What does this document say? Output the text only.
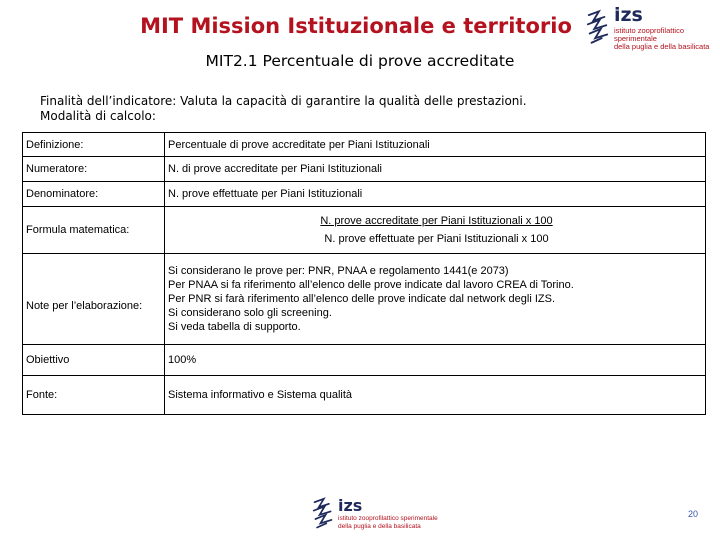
MIT Mission Istituzionale e territorio	izs
istituto zooprofilattico sperimentale
della puglia e della basilicata
MIT2.1 Percentuale di prove accreditate
Finalità dell’indicatore: Valuta la capacità di garantire la qualità delle prestazioni.
Modalità di calcolo:
Definizione:	Percentuale di prove accreditate per Piani Istituzionali
Numeratore:	N. di prove accreditate per Piani Istituzionali
Denominatore:	N. prove effettuate per Piani Istituzionali
Formula matematica:	N. prove accreditate per Piani Istituzionali x 100
N. prove effettuate per Piani Istituzionali x 100

Note per l’elaborazione:	Si considerano le prove per: PNR, PNAA e regolamento 1441(e 2073)
Per PNAA si fa riferimento all’elenco delle prove indicate dal lavoro CREA di Torino.
Per PNR si farà riferimento all’elenco delle prove indicate dal network degli IZS.
Si considerano solo gli screening.
Si veda tabella di supporto.

Obiettivo	100%
Fonte:	Sistema informativo e Sistema qualità
izs
istituto zooprofilattico sperimentale
della puglia e della basilicata
20
